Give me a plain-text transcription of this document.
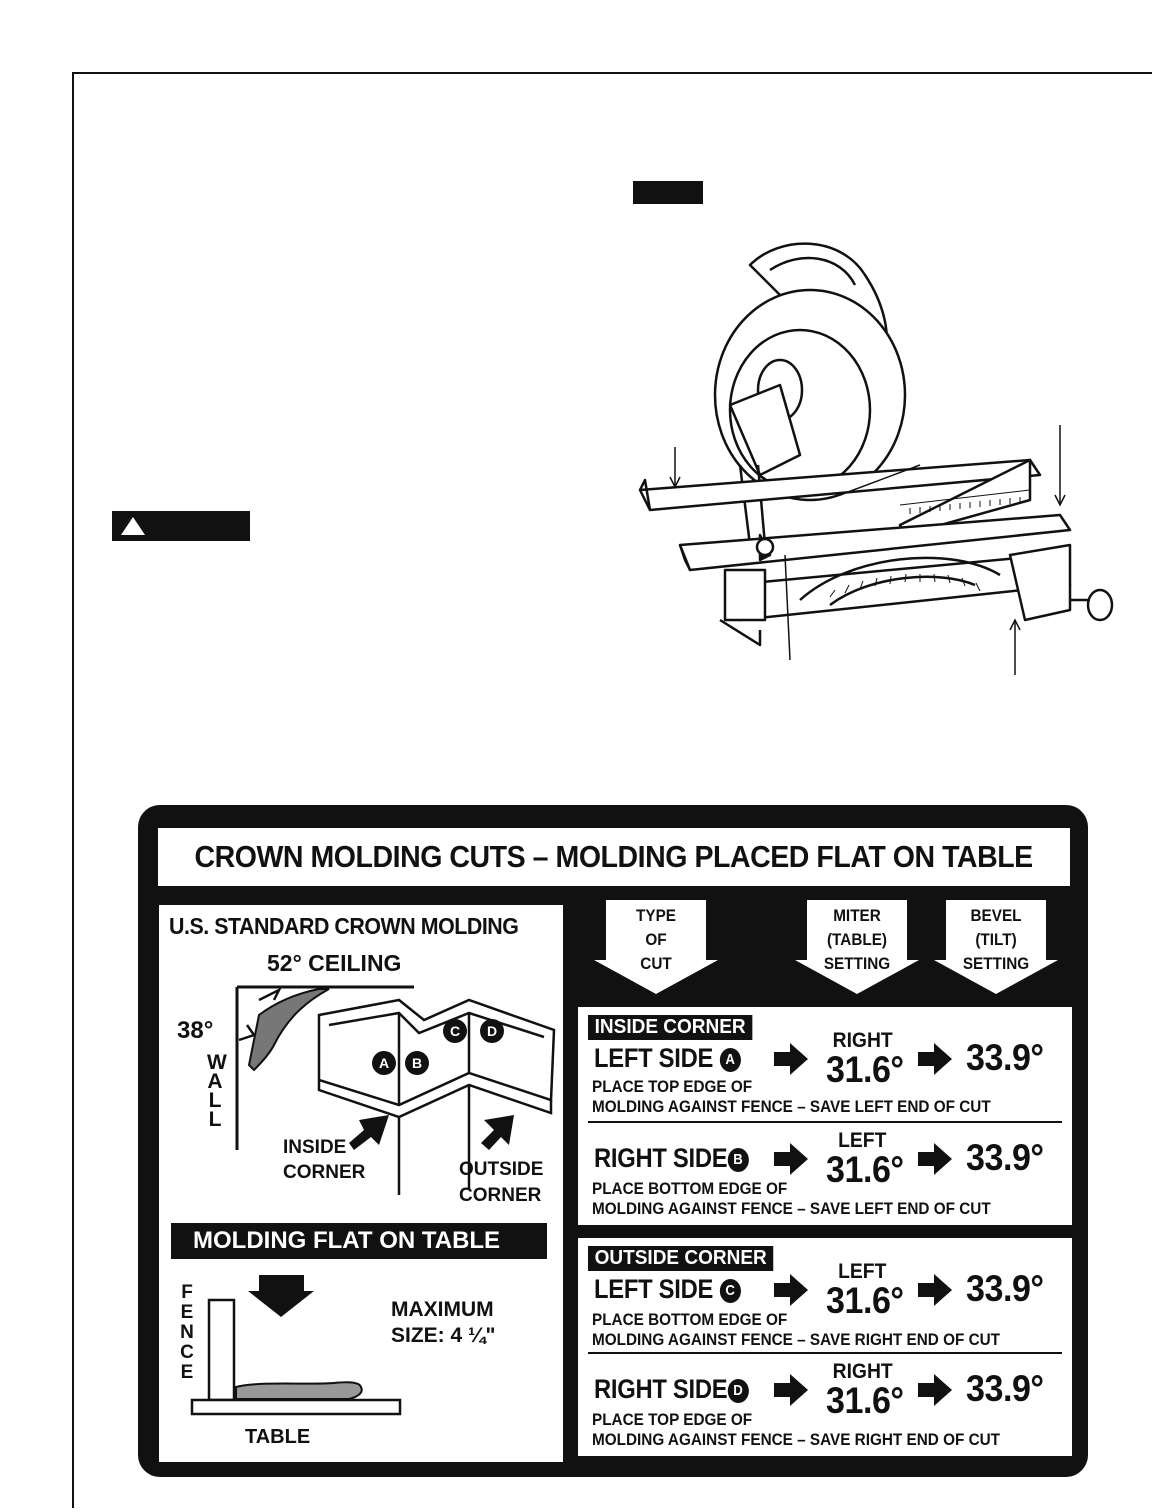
CROWN MOLDING CUTS – MOLDING PLACED FLAT ON TABLE
U.S. STANDARD CROWN MOLDING
A B
C D
52° CEILING
38°
W
A
L
L
INSIDE
CORNER	OUTSIDE
CORNER
MOLDING FLAT ON TABLE
F
E
N
C
E
MAXIMUM
SIZE: 4 ¼"
TABLE
TYPE
OF
CUT
MITER
(TABLE)
SETTING
BEVEL
(TILT)
SETTING
INSIDE CORNER
LEFT SIDE A
RIGHT
31.6° 33.9°
PLACE TOP EDGE OF
MOLDING AGAINST FENCE – SAVE LEFT END OF CUT
RIGHT SIDE B
LEFT
31.6° 33.9°
PLACE BOTTOM EDGE OF
MOLDING AGAINST FENCE – SAVE LEFT END OF CUT
OUTSIDE CORNER
LEFT SIDE C
LEFT
31.6° 33.9°
PLACE BOTTOM EDGE OF
MOLDING AGAINST FENCE – SAVE RIGHT END OF CUT
RIGHT SIDE D
RIGHT
31.6° 33.9°
PLACE TOP EDGE OF
MOLDING AGAINST FENCE – SAVE RIGHT END OF CUT
